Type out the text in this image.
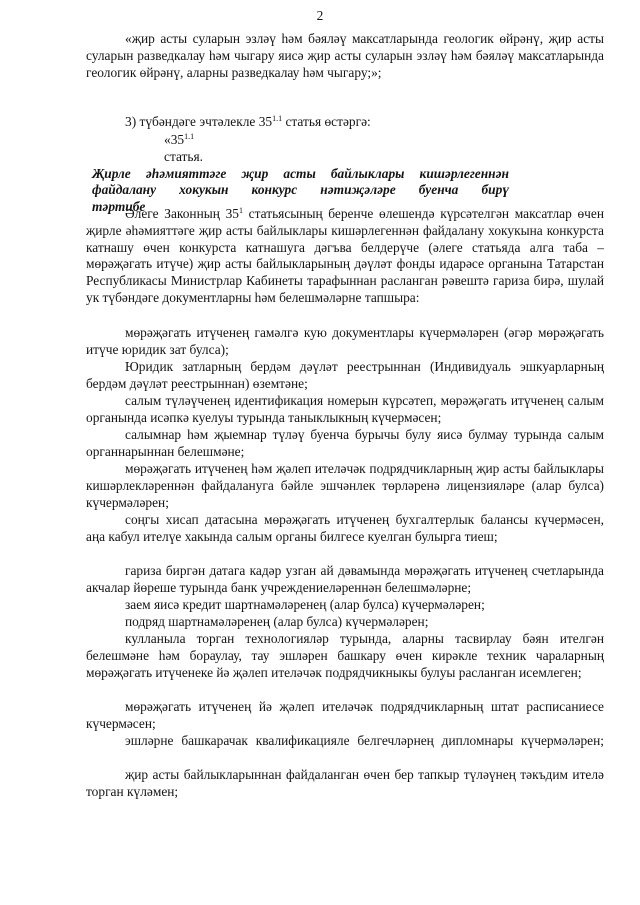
2

«җир асты суларын эзләү һәм бәяләү максатларында геологик өйрәнү, җир асты суларын разведкалау һәм чыгару яисә җир асты суларын эзләү һәм бәяләү максатларында геологик өйрәнү, аларны разведкалау һәм чыгару;»;

3) түбәндәге эчтәлекле $35^{1.1}$ статья өстәргә:

«$35^{1.1}$ статья.
Җирле әһәмияттәге җир асты байлыклары кишәрлегеннән
файдалану хокукын конкурс нәтиҗәләре буенча бирү
тәртибе

Әлеге Законның $35^1$ статьясының беренче өлешендә күрсәтелгән максатлар өчен җирле әһәмияттәге җир асты байлыклары кишәрлегеннән файдалану хокукына конкурста катнашу өчен конкурста катнашуга дәгъва белдерүче (әлеге статьяда алга таба – мөрәҗәгать итүче) җир асты байлыкларының дәүләт фонды идарәсе органына Татарстан Республикасы Министрлар Кабинеты тарафыннан расланган рәвештә гариза бирә, шулай ук түбәндәге документларны һәм белешмәләрне тапшыра:

мөрәҗәгать итүченең гамәлгә кую документлары күчермәләрен (әгәр мөрәҗәгать итүче юридик зат булса);

Юридик затларның бердәм дәүләт реестрыннан (Индивидуаль эшкуарларның бердәм дәүләт реестрыннан) өземтәне;

салым түләүченең идентификация номерын күрсәтеп, мөрәҗәгать итүченең салым органында исәпкә куелуы турында таныклыкның күчермәсен;

салымнар һәм җыемнар түләү буенча бурычы булу яисә булмау турында салым органнарыннан белешмәне;

мөрәҗәгать итүченең һәм җәлеп ителәчәк подрядчикларның җир асты байлыклары кишәрлекләреннән файдалануга бәйле эшчәнлек төрләренә лицензияләре (алар булса) күчермәләрен;

соңгы хисап датасына мөрәҗәгать итүченең бухгалтерлык балансы күчермәсен, аңа кабул ителүе хакында салым органы билгесе куелган булырга тиеш;

гариза биргән датага кадәр узган ай дәвамында мөрәҗәгать итүченең счетларында акчалар йөреше турында банк учреждениеләреннән белешмәләрне;

заем яисә кредит шартнамәләренең (алар булса) күчермәләрен;

подряд шартнамәләренең (алар булса) күчермәләрен;

кулланыла торган технологияләр турында, аларны тасвирлау бәян ителгән белешмәне һәм бораулау, тау эшләрен башкару өчен кирәкле техник чараларның мөрәҗәгать итүченеке йә җәлеп ителәчәк подрядчикныкы булуы расланган исемлеген;

мөрәҗәгать итүченең йә җәлеп ителәчәк подрядчикларның штат расписаниесе күчермәсен;

эшләрне башкарачак квалификацияле белгечләрнең дипломнары күчермәләрен;

җир асты байлыкларыннан файдаланган өчен бер тапкыр түләүнең тәкъдим ителә торган күләмен;
